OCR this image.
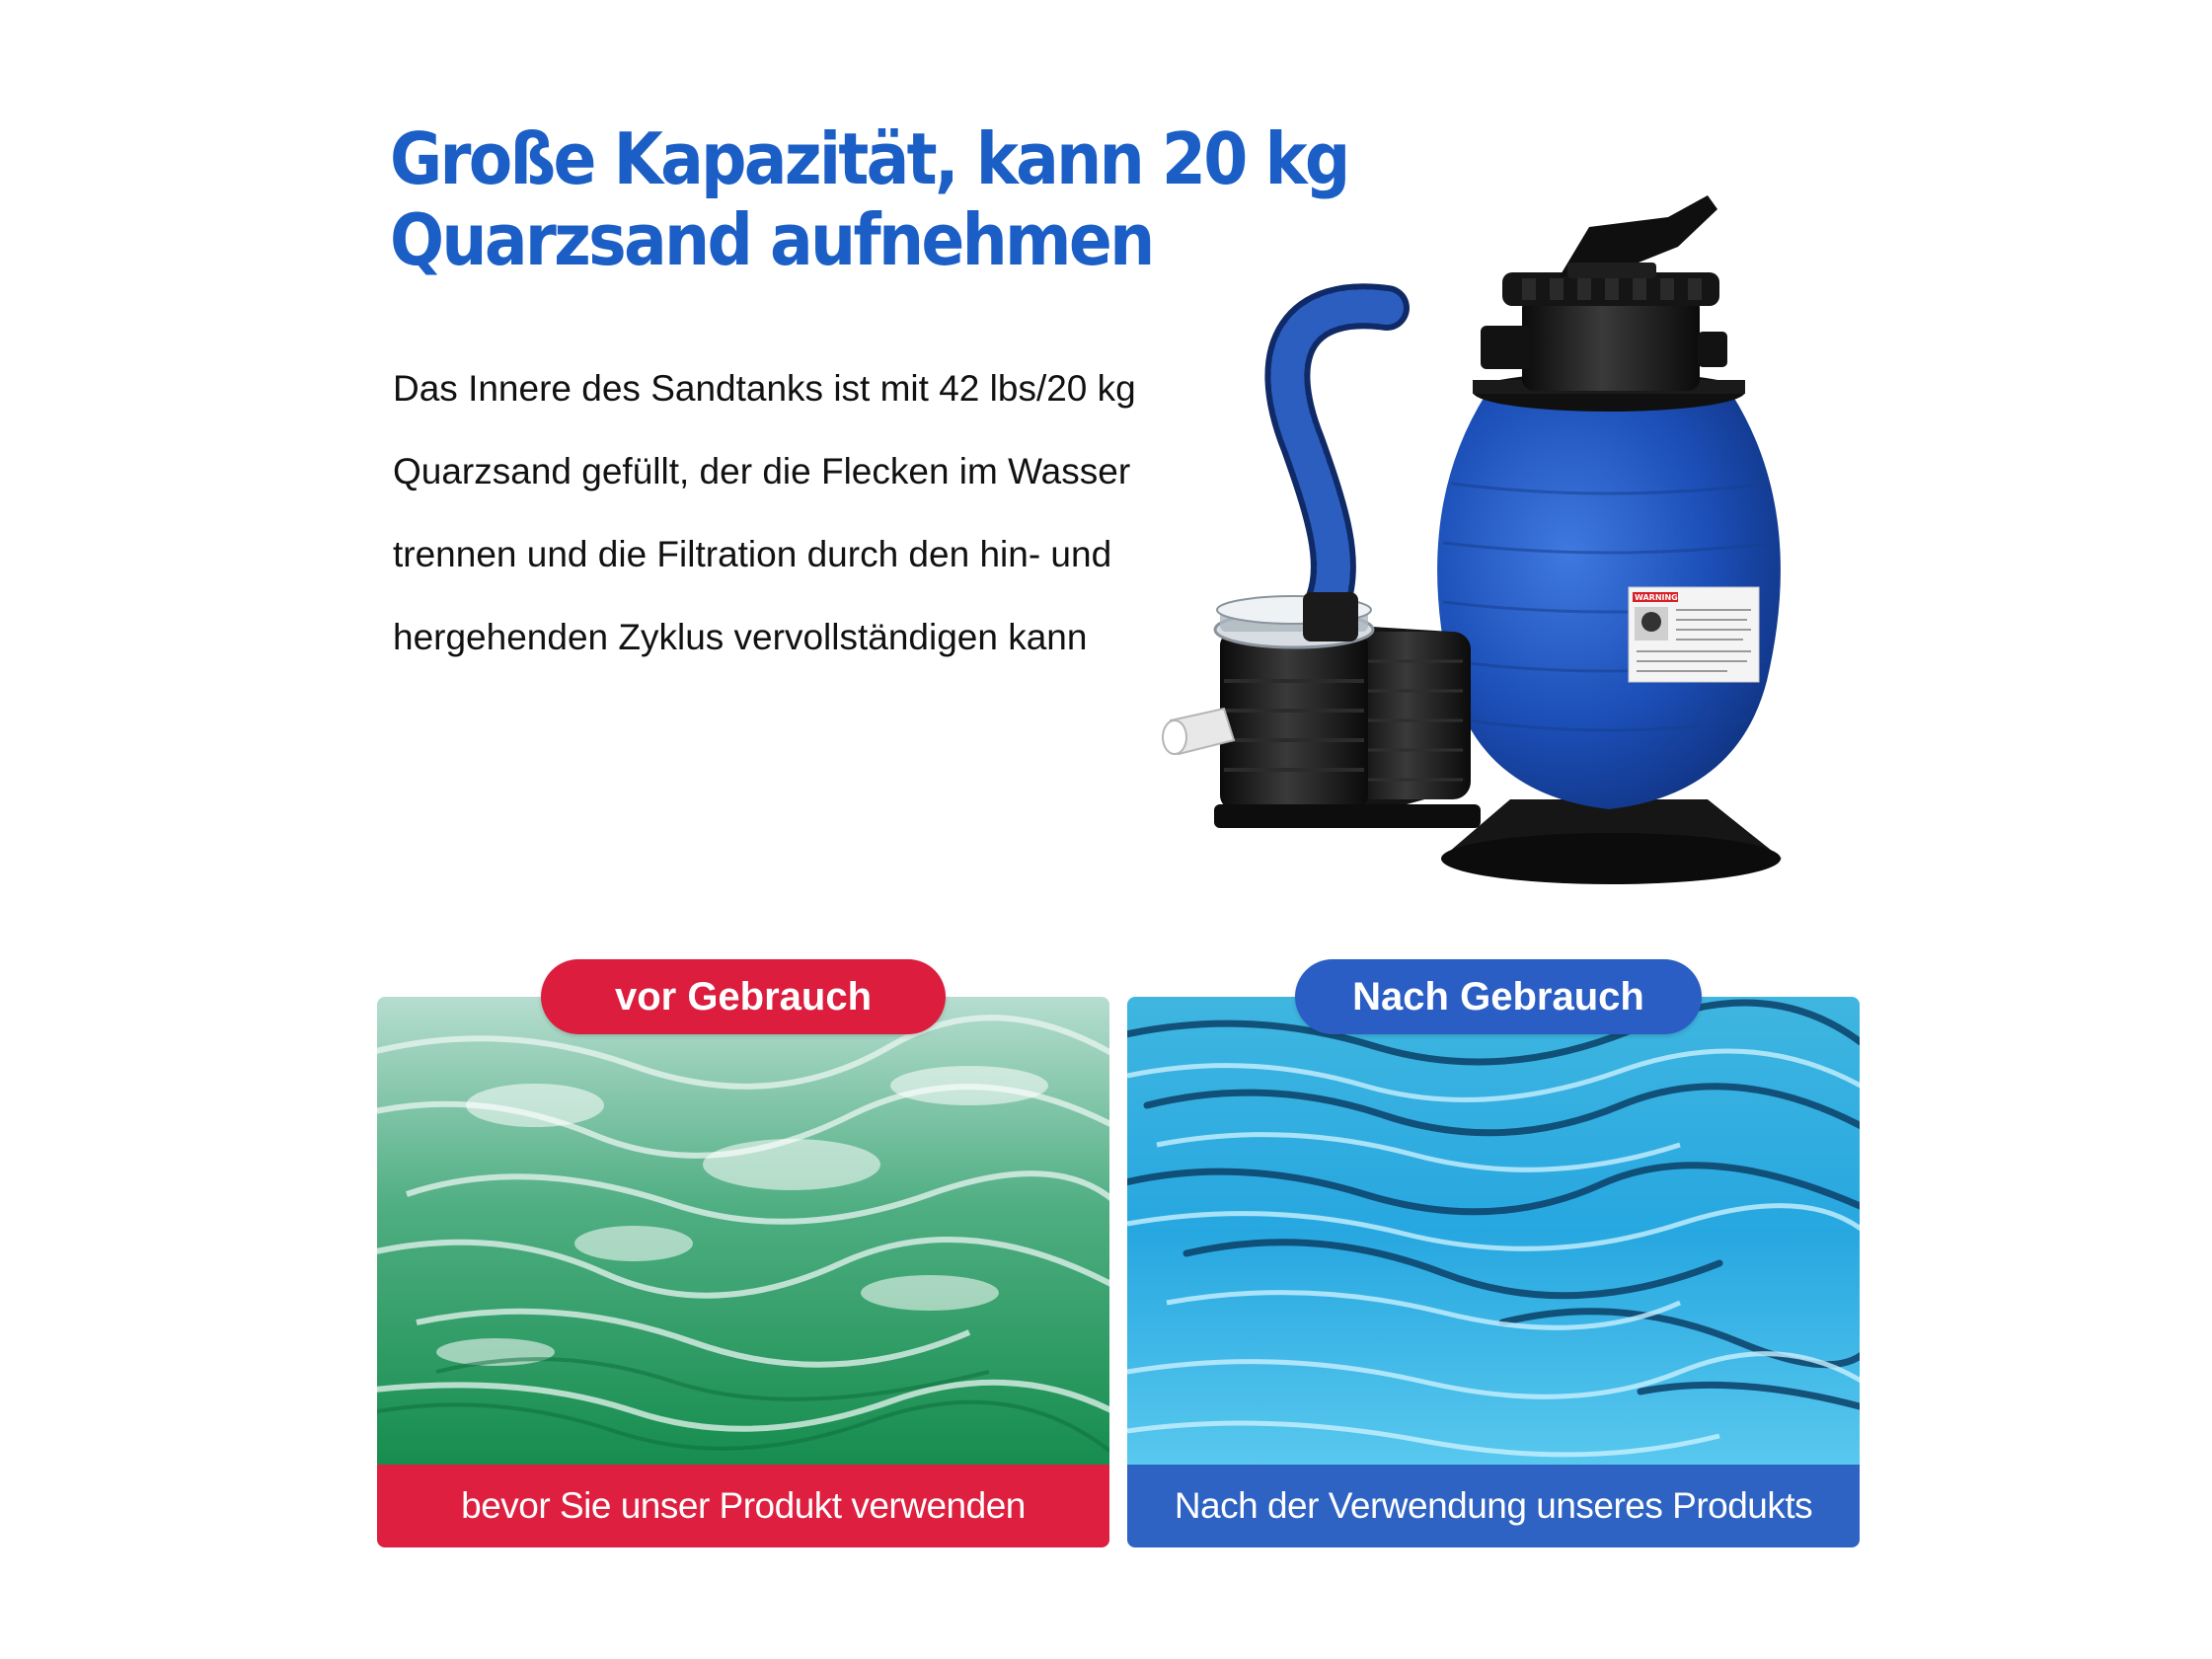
Große Kapazität, kann 20 kg
Quarzsand aufnehmen
Das Innere des Sandtanks ist mit 42 lbs/20 kg
Quarzsand gefüllt, der die Flecken im Wasser
trennen und die Filtration durch den hin- und
hergehenden Zyklus vervollständigen kann
WARNING
bevor Sie unser Produkt verwenden
vor Gebrauch
Nach der Verwendung unseres Produkts
Nach Gebrauch
